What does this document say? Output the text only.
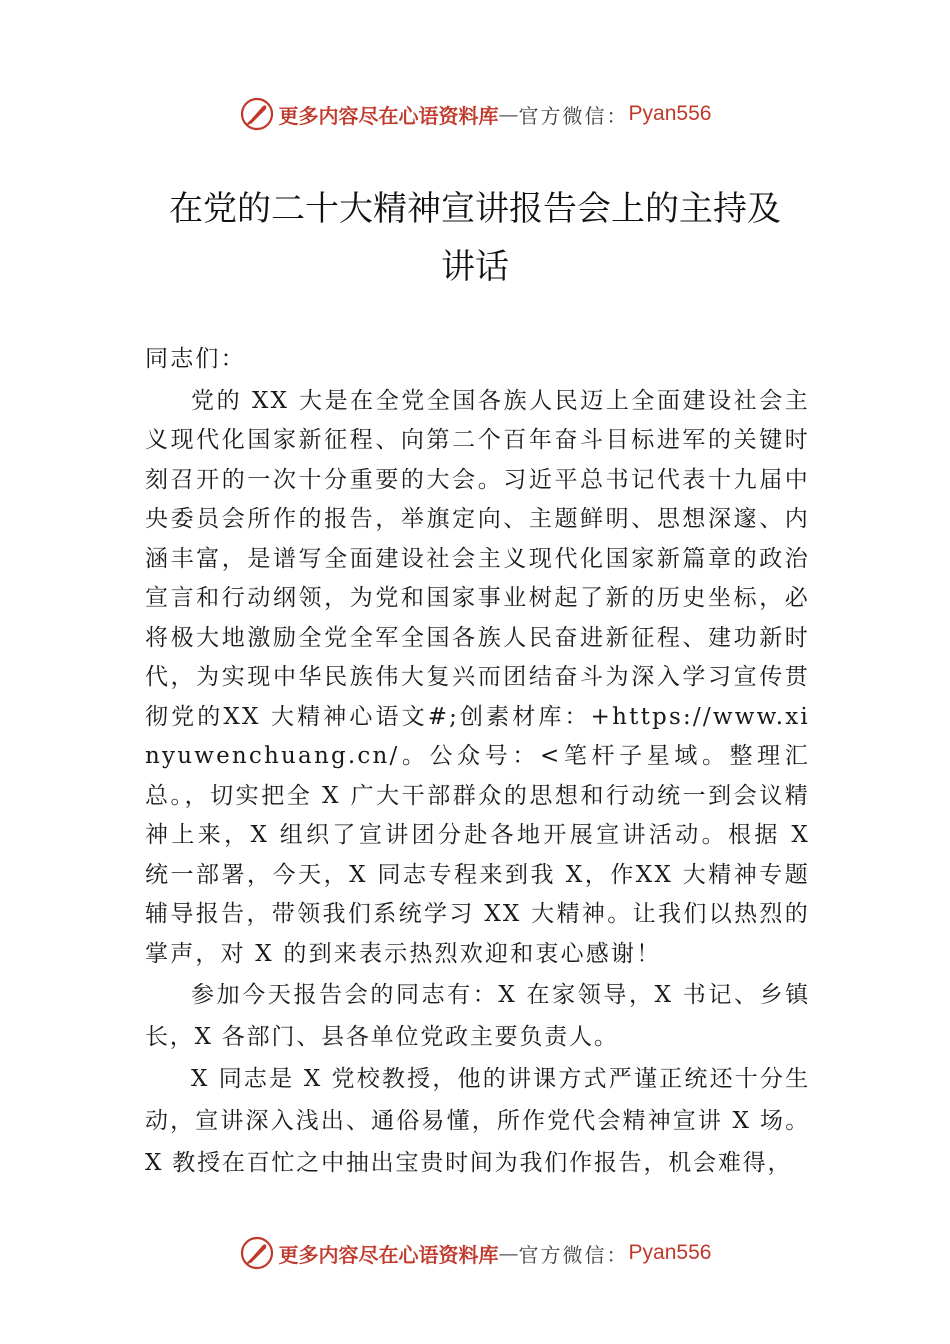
更多内容尽在心语资料库 — 官方微信： Pyan556
在党的二十大精神宣讲报告会上的主持及
讲话

同志们：

党的 XX 大是在全党全国各族人民迈上全面建设社会主义现代化国家新征程、向第二个百年奋斗目标进军的关键时刻召开的一次十分重要的大会。习近平总书记代表十九届中央委员会所作的报告，举旗定向、主题鲜明、思想深邃、内涵丰富，是谱写全面建设社会主义现代化国家新篇章的政治宣言和行动纲领，为党和国家事业树起了新的历史坐标，必将极大地激励全党全军全国各族人民奋进新征程、建功新时代，为实现中华民族伟大复兴而团结奋斗为深入学习宣传贯彻党的XX 大精神心语文#;创素材库：+https://www.xinyuwenchuang.cn/。公众号：<笔杆子星域。整理汇总。，切实把全 X 广大干部群众的思想和行动统一到会议精神上来，X 组织了宣讲团分赴各地开展宣讲活动。根据 X 统一部署，今天，X 同志专程来到我 X，作XX 大精神专题辅导报告，带领我们系统学习 XX 大精神。让我们以热烈的掌声，对 X 的到来表示热烈欢迎和衷心感谢！

参加今天报告会的同志有：X 在家领导，X 书记、乡镇长，X 各部门、县各单位党政主要负责人。

X 同志是 X 党校教授，他的讲课方式严谨正统还十分生动，宣讲深入浅出、通俗易懂，所作党代会精神宣讲 X 场。X 教授在百忙之中抽出宝贵时间为我们作报告，机会难得，

更多内容尽在心语资料库 — 官方微信： Pyan556
